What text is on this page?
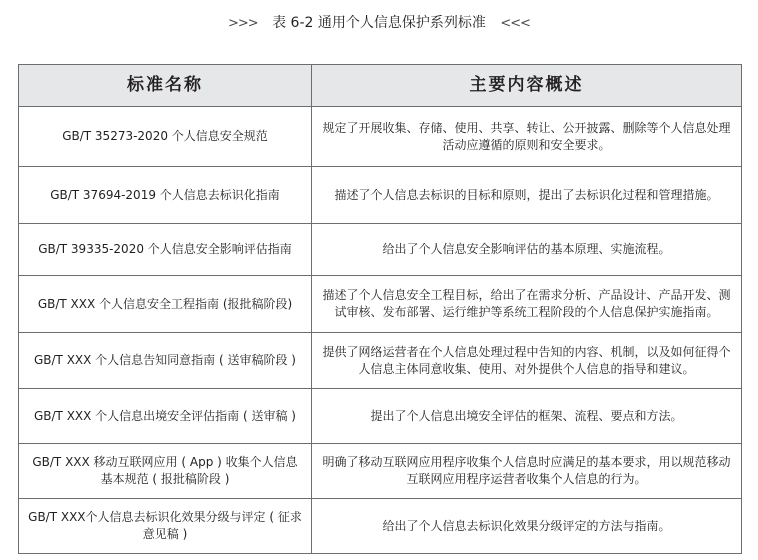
>>> 表 6-2 通用个人信息保护系列标准 <<<
标准名称	主要内容概述
GB/T 35273-2020 个人信息安全规范	规定了开展收集、存储、使用、共享、转让、公开披露、删除等个人信息处理活动应遵循的原则和安全要求。
GB/T 37694-2019 个人信息去标识化指南	描述了个人信息去标识的目标和原则，提出了去标识化过程和管理措施。
GB/T 39335-2020 个人信息安全影响评估指南	给出了个人信息安全影响评估的基本原理、实施流程。
GB/T XXX 个人信息安全工程指南 (报批稿阶段)	描述了个人信息安全工程目标，给出了在需求分析、产品设计、产品开发、测试审核、发布部署、运行维护等系统工程阶段的个人信息保护实施指南。
GB/T XXX 个人信息告知同意指南 ( 送审稿阶段 )	提供了网络运营者在个人信息处理过程中告知的内容、机制，以及如何征得个人信息主体同意收集、使用、对外提供个人信息的指导和建议。
GB/T XXX 个人信息出境安全评估指南 ( 送审稿 )	提出了个人信息出境安全评估的框架、流程、要点和方法。
GB/T XXX 移动互联网应用 ( App ) 收集个人信息基本规范 ( 报批稿阶段 )	明确了移动互联网应用程序收集个人信息时应满足的基本要求，用以规范移动互联网应用程序运营者收集个人信息的行为。
GB/T XXX个人信息去标识化效果分级与评定 ( 征求意见稿 )	给出了个人信息去标识化效果分级评定的方法与指南。
